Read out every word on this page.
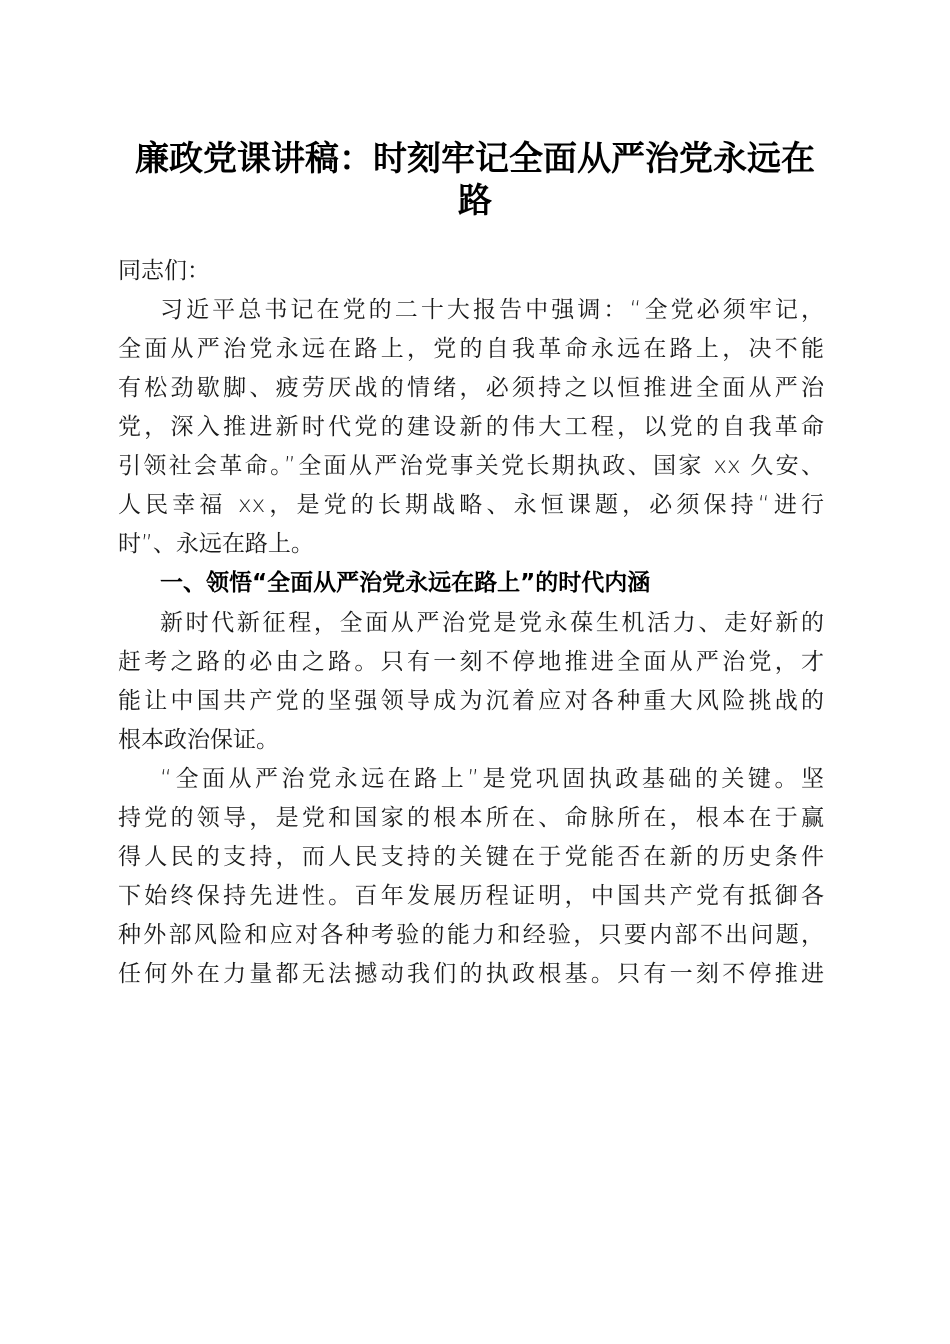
廉政党课讲稿：时刻牢记全面从严治党永远在
路
同志们：
习近平总书记在党的二十大报告中强调：“全党必须牢记，
全面从严治党永远在路上，党的自我革命永远在路上，决不能
有松劲歇脚、疲劳厌战的情绪，必须持之以恒推进全面从严治
党，深入推进新时代党的建设新的伟大工程，以党的自我革命
引领社会革命。”全面从严治党事关党长期执政、国家 xx 久安、
人民幸福 xx，是党的长期战略、永恒课题，必须保持“进行
时”、永远在路上。
一、领悟“全面从严治党永远在路上”的时代内涵
新时代新征程，全面从严治党是党永葆生机活力、走好新的
赶考之路的必由之路。只有一刻不停地推进全面从严治党，才
能让中国共产党的坚强领导成为沉着应对各种重大风险挑战的
根本政治保证。
“全面从严治党永远在路上”是党巩固执政基础的关键。坚
持党的领导，是党和国家的根本所在、命脉所在，根本在于赢
得人民的支持，而人民支持的关键在于党能否在新的历史条件
下始终保持先进性。百年发展历程证明，中国共产党有抵御各
种外部风险和应对各种考验的能力和经验，只要内部不出问题，
任何外在力量都无法撼动我们的执政根基。只有一刻不停推进
